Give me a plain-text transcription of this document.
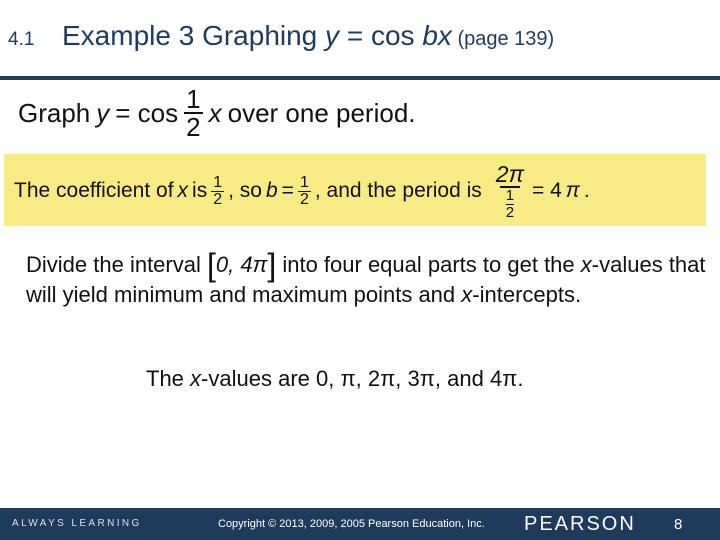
4.1 Example 3 Graphing y = cos bx (page 139)
Graph $y = \cos \frac{1}{2}$ x over one period.
The coefficient of x is $\frac{1}{2}$ , so $b = \frac{1}{2}$ , and the period is $\frac{2\pi}{\frac{1}{2}} = 4$ π .
Divide the interval [0, 4π] into four equal parts to get the x-values that will yield minimum and maximum points and x-intercepts.
The x-values are 0, π, 2π, 3π, and 4π.
ALWAYS LEARNING	Copyright © 2013, 2009, 2005 Pearson Education, Inc. PEARSON	8
